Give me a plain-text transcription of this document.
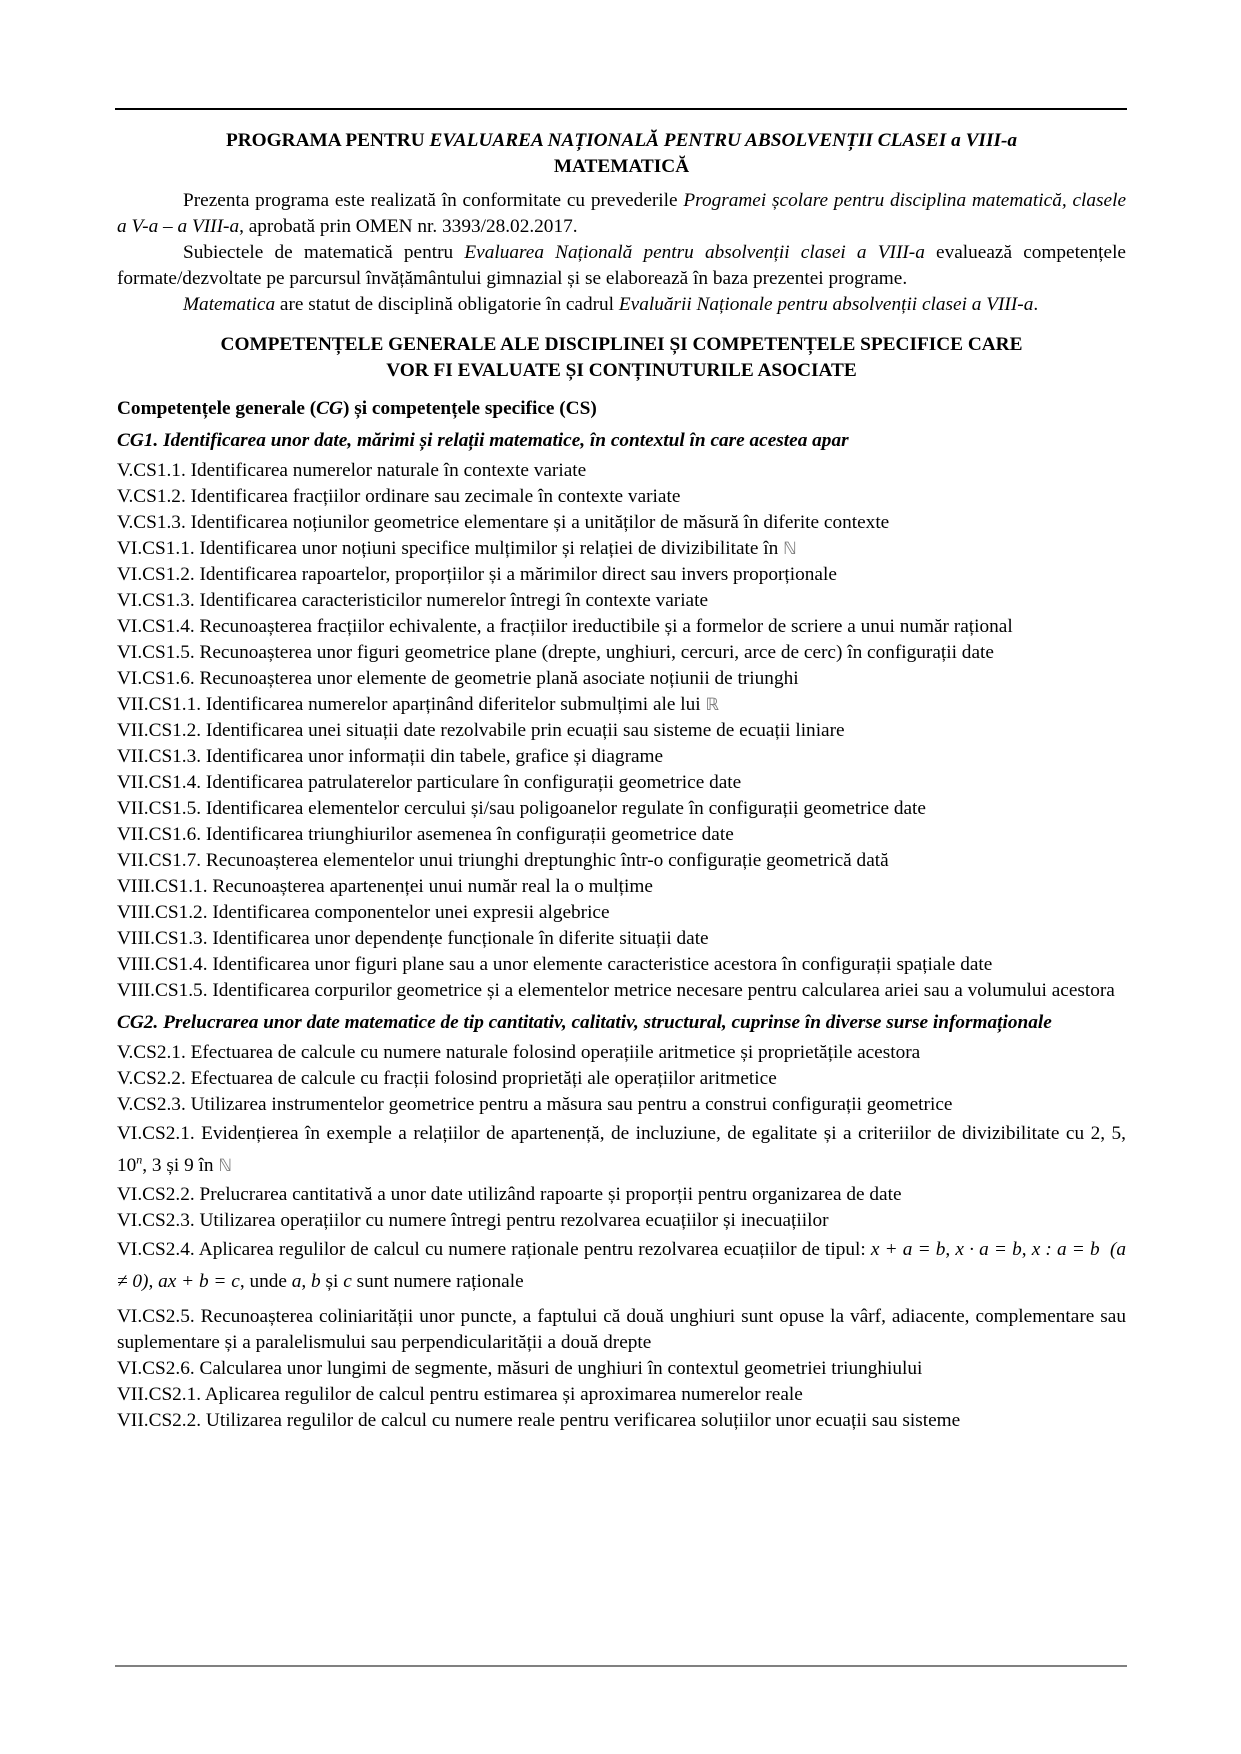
PROGRAMA PENTRU EVALUAREA NAȚIONALĂ PENTRU ABSOLVENȚII CLASEI a VIII-a

MATEMATICĂ

Prezenta programa este realizată în conformitate cu prevederile Programei școlare pentru disciplina matematică, clasele a V-a – a VIII-a, aprobată prin OMEN nr. 3393/28.02.2017.

Subiectele de matematică pentru Evaluarea Națională pentru absolvenții clasei a VIII-a evaluează competențele formate/dezvoltate pe parcursul învățământului gimnazial și se elaborează în baza prezentei programe.

Matematica are statut de disciplină obligatorie în cadrul Evaluării Naționale pentru absolvenții clasei a VIII-a.

COMPETENȚELE GENERALE ALE DISCIPLINEI ȘI COMPETENȚELE SPECIFICE CARE
VOR FI EVALUATE ȘI CONȚINUTURILE ASOCIATE

Competențele generale (CG) și competențele specifice (CS)

CG1. Identificarea unor date, mărimi și relații matematice, în contextul în care acestea apar

V.CS1.1. Identificarea numerelor naturale în contexte variate

V.CS1.2. Identificarea fracțiilor ordinare sau zecimale în contexte variate

V.CS1.3. Identificarea noțiunilor geometrice elementare și a unităților de măsură în diferite contexte

VI.CS1.1. Identificarea unor noțiuni specifice mulțimilor și relației de divizibilitate în ℕ

VI.CS1.2. Identificarea rapoartelor, proporțiilor și a mărimilor direct sau invers proporționale

VI.CS1.3. Identificarea caracteristicilor numerelor întregi în contexte variate

VI.CS1.4. Recunoașterea fracțiilor echivalente, a fracțiilor ireductibile și a formelor de scriere a unui număr rațional

VI.CS1.5. Recunoașterea unor figuri geometrice plane (drepte, unghiuri, cercuri, arce de cerc) în configurații date

VI.CS1.6. Recunoașterea unor elemente de geometrie plană asociate noțiunii de triunghi

VII.CS1.1. Identificarea numerelor aparținând diferitelor submulțimi ale lui ℝ

VII.CS1.2. Identificarea unei situații date rezolvabile prin ecuații sau sisteme de ecuații liniare

VII.CS1.3. Identificarea unor informații din tabele, grafice și diagrame

VII.CS1.4. Identificarea patrulaterelor particulare în configurații geometrice date

VII.CS1.5. Identificarea elementelor cercului și/sau poligoanelor regulate în configurații geometrice date

VII.CS1.6. Identificarea triunghiurilor asemenea în configurații geometrice date

VII.CS1.7. Recunoașterea elementelor unui triunghi dreptunghic într-o configurație geometrică dată

VIII.CS1.1. Recunoașterea apartenenței unui număr real la o mulțime

VIII.CS1.2. Identificarea componentelor unei expresii algebrice

VIII.CS1.3. Identificarea unor dependențe funcționale în diferite situații date

VIII.CS1.4. Identificarea unor figuri plane sau a unor elemente caracteristice acestora în configurații spațiale date

VIII.CS1.5. Identificarea corpurilor geometrice și a elementelor metrice necesare pentru calcularea ariei sau a volumului acestora

CG2. Prelucrarea unor date matematice de tip cantitativ, calitativ, structural, cuprinse în diverse surse informaționale

V.CS2.1. Efectuarea de calcule cu numere naturale folosind operațiile aritmetice și proprietățile acestora

V.CS2.2. Efectuarea de calcule cu fracții folosind proprietăți ale operațiilor aritmetice

V.CS2.3. Utilizarea instrumentelor geometrice pentru a măsura sau pentru a construi configurații geometrice

VI.CS2.1. Evidențierea în exemple a relațiilor de apartenență, de incluziune, de egalitate și a criteriilor de divizibilitate cu 2, 5, 10$^n$, 3 și 9 în ℕ

VI.CS2.2. Prelucrarea cantitativă a unor date utilizând rapoarte și proporții pentru organizarea de date

VI.CS2.3. Utilizarea operațiilor cu numere întregi pentru rezolvarea ecuațiilor și inecuațiilor

VI.CS2.4. Aplicarea regulilor de calcul cu numere raționale pentru rezolvarea ecuațiilor de tipul: x + a = b, x · a = b, x : a = b (a ≠ 0), ax + b = c, unde a, b și c sunt numere raționale

VI.CS2.5. Recunoașterea coliniarității unor puncte, a faptului că două unghiuri sunt opuse la vârf, adiacente, complementare sau suplementare și a paralelismului sau perpendicularității a două drepte

VI.CS2.6. Calcularea unor lungimi de segmente, măsuri de unghiuri în contextul geometriei triunghiului

VII.CS2.1. Aplicarea regulilor de calcul pentru estimarea și aproximarea numerelor reale

VII.CS2.2. Utilizarea regulilor de calcul cu numere reale pentru verificarea soluțiilor unor ecuații sau sisteme
